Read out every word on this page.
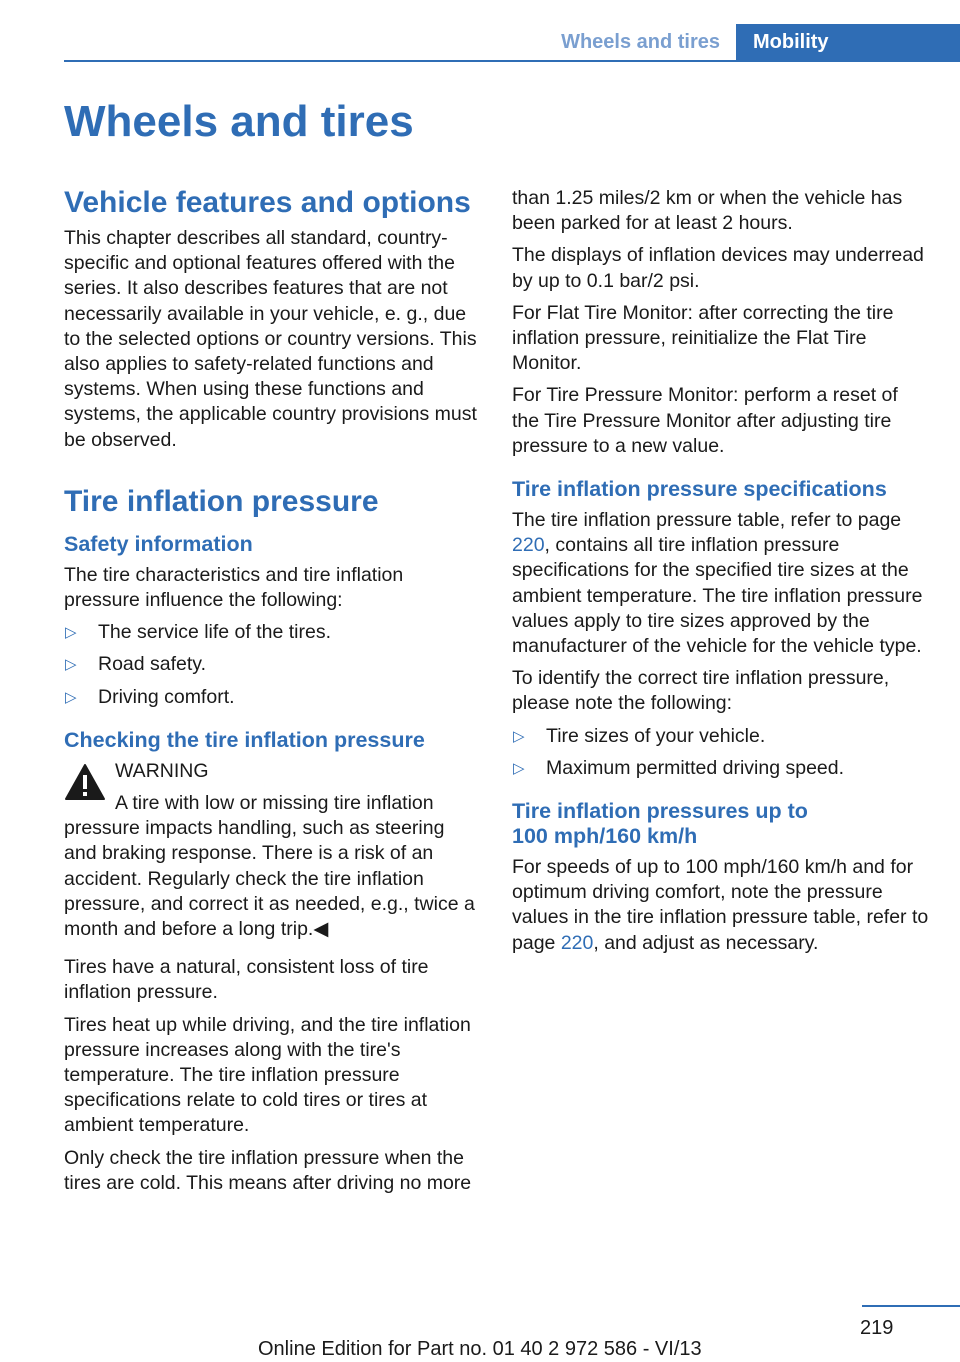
Wheels and tires	Mobility
Wheels and tires
Vehicle features and options

This chapter describes all standard, country-specific and optional features offered with the series. It also describes features that are not necessarily available in your vehicle, e. g., due to the selected options or country versions. This also applies to safety-related functions and systems. When using these functions and systems, the applicable country provisions must be observed.

Tire inflation pressure
Safety information

The tire characteristics and tire inflation pressure influence the following:

▷ The service life of the tires.
▷ Road safety.
▷ Driving comfort.
Checking the tire inflation pressure

WARNING

A tire with low or missing tire inflation pressure impacts handling, such as steering and braking response. There is a risk of an accident. Regularly check the tire inflation pressure, and correct it as needed, e.g., twice a month and before a long trip.◀

Tires have a natural, consistent loss of tire inflation pressure.

Tires heat up while driving, and the tire inflation pressure increases along with the tire's temperature. The tire inflation pressure specifications relate to cold tires or tires at ambient temperature.

Only check the tire inflation pressure when the tires are cold. This means after driving no more

than 1.25 miles/2 km or when the vehicle has been parked for at least 2 hours.

The displays of inflation devices may underread by up to 0.1 bar/2 psi.

For Flat Tire Monitor: after correcting the tire inflation pressure, reinitialize the Flat Tire Monitor.

For Tire Pressure Monitor: perform a reset of the Tire Pressure Monitor after adjusting tire pressure to a new value.

Tire inflation pressure specifications

The tire inflation pressure table, refer to page 220, contains all tire inflation pressure specifications for the specified tire sizes at the ambient temperature. The tire inflation pressure values apply to tire sizes approved by the manufacturer of the vehicle for the vehicle type.

To identify the correct tire inflation pressure, please note the following:

▷ Tire sizes of your vehicle.
▷ Maximum permitted driving speed.
Tire inflation pressures up to
100 mph/160 km/h

For speeds of up to 100 mph/160 km/h and for optimum driving comfort, note the pressure values in the tire inflation pressure table, refer to page 220, and adjust as necessary.

219
Online Edition for Part no. 01 40 2 972 586 - VI/13
